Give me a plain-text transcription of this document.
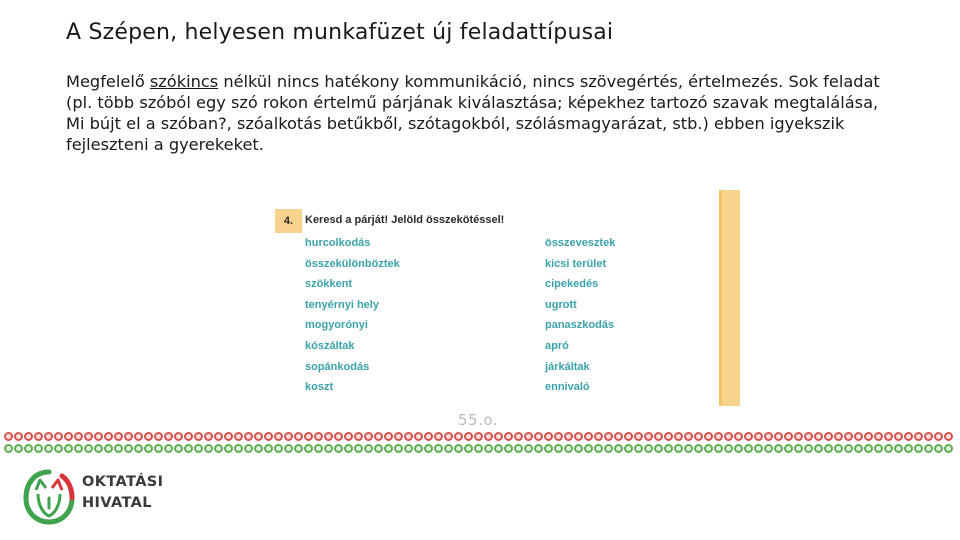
A Szépen, helyesen munkafüzet új feladattípusai
Megfelelő szókincs nélkül nincs hatékony kommunikáció, nincs szövegértés, értelmezés. Sok feladat (pl. több szóból egy szó rokon értelmű párjának kiválasztása; képekhez tartozó szavak megtalálása, Mi bújt el a szóban?, szóalkotás betűkből, szótagokból, szólásmagyarázat, stb.) ebben igyekszik fejleszteni a gyerekeket.
4.	Keresd a párját! Jelöld összekötéssel!
hurcolkodás
összekülönböztek
szökkent
tenyérnyi hely
mogyorónyi
kószáltak
sopánkodás
koszt
összevesztek
kicsi terület
cipekedés
ugrott
panaszkodás
apró
járkáltak
ennivaló
55.o.
OKTATÁSI
HIVATAL
